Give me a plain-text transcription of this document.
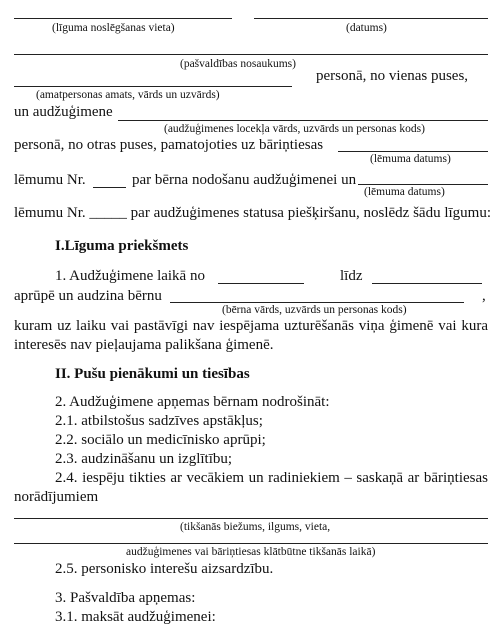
(līguma noslēgšanas vieta)	(datums)
(pašvaldības nosaukums)
personā, no vienas puses,
(amatpersonas amats, vārds un uzvārds)
un audžuģimene
(audžuģimenes locekļa vārds, uzvārds un personas kods)
personā, no otras puses, pamatojoties uz bāriņtiesas
(lēmuma datums)
lēmumu Nr.	par bērna nodošanu audžuģimenei un
(lēmuma datums)
lēmumu Nr. _____ par audžuģimenes statusa piešķiršanu, noslēdz šādu līgumu:
I.Līguma priekšmets
1. Audžuģimene laikā no	līdz
aprūpē un audzina bērnu	,
(bērna vārds, uzvārds un personas kods)
kuram uz laiku vai pastāvīgi nav iespējama uzturēšanās viņa ģimenē vai kura
interesēs nav pieļaujama palikšana ģimenē.
II. Pušu pienākumi un tiesības
2. Audžuģimene apņemas bērnam nodrošināt:
2.1. atbilstošus sadzīves apstākļus;
2.2. sociālo un medicīnisko aprūpi;
2.3. audzināšanu un izglītību;
2.4. iespēju tikties ar vecākiem un radiniekiem – saskaņā ar bāriņtiesas
norādījumiem
(tikšanās biežums, ilgums, vieta,
audžuģimenes vai bāriņtiesas klātbūtne tikšanās laikā)
2.5. personisko interešu aizsardzību.
3. Pašvaldība apņemas:
3.1. maksāt audžuģimenei:
